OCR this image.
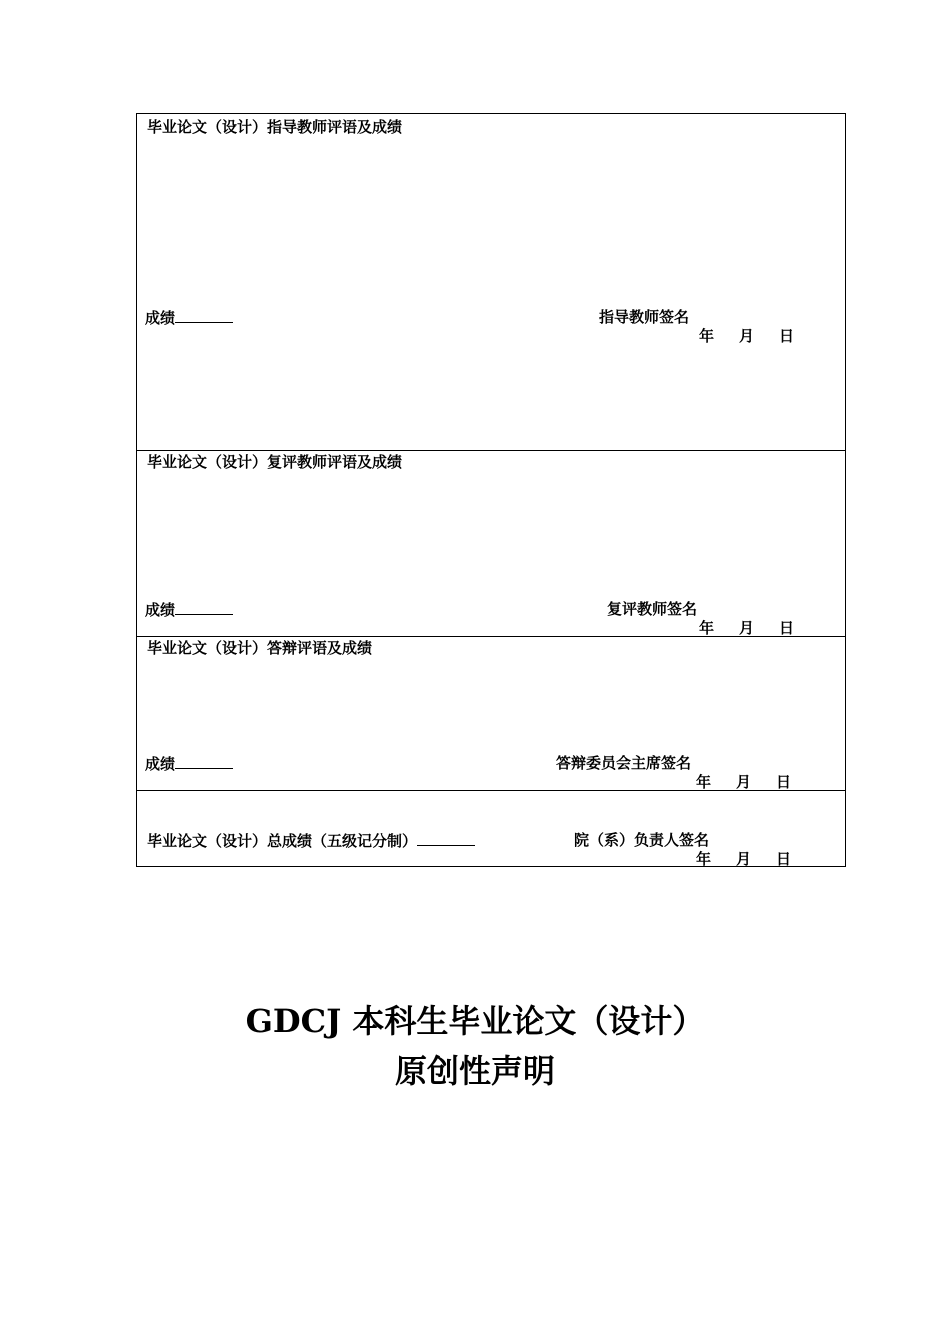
毕业论文（设计）指导教师评语及成绩
成绩	指导教师签名
年 月 日
毕业论文（设计）复评教师评语及成绩
成绩	复评教师签名
年 月 日
毕业论文（设计）答辩评语及成绩
成绩	答辩委员会主席签名
年 月 日
毕业论文（设计）总成绩（五级记分制）	院（系）负责人签名
年 月 日
GDCJ 本科生毕业论文（设计）
原创性声明
